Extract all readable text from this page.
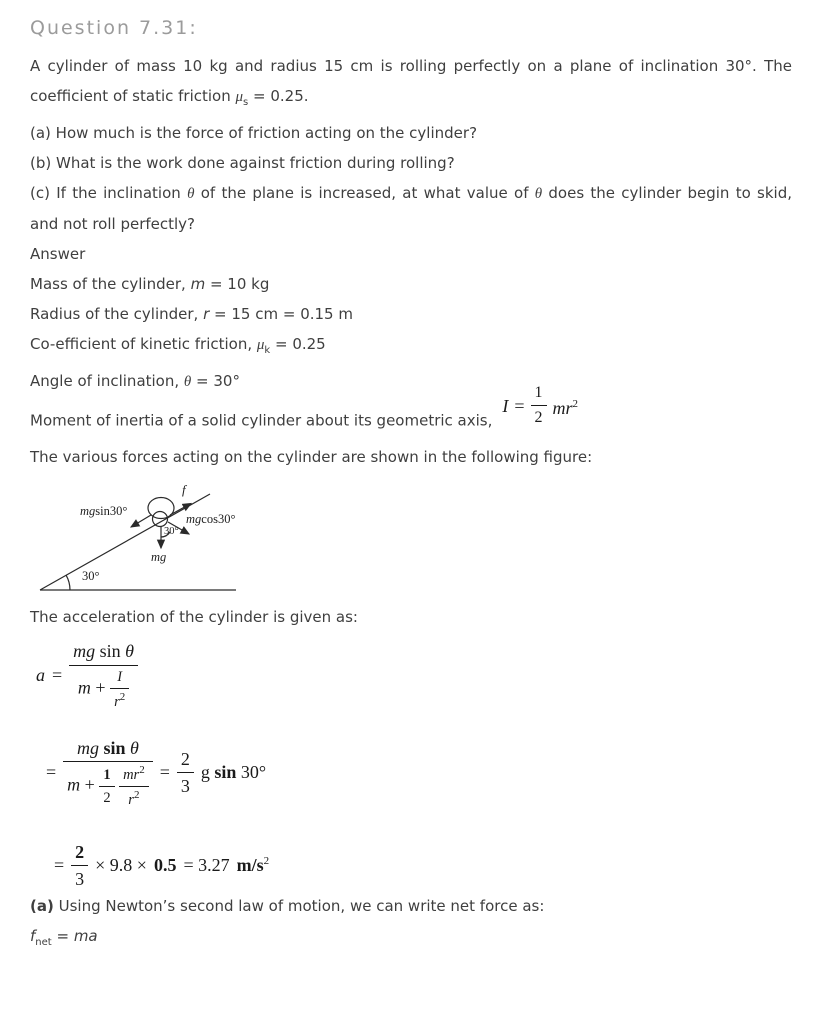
Question 7.31:

A cylinder of mass 10 kg and radius 15 cm is rolling perfectly on a plane of inclination 30°. The coefficient of static friction $\mu_s = 0.25$.

(a) How much is the force of friction acting on the cylinder?

(b) What is the work done against friction during rolling?

(c) If the inclination θ of the plane is increased, at what value of θ does the cylinder begin to skid, and not roll perfectly?

Answer

Mass of the cylinder, m = 10 kg

Radius of the cylinder, r = 15 cm = 0.15 m

Co-efficient of kinetic friction, $\mu_k = 0.25$

Angle of inclination, θ = 30°

Moment of inertia of a solid cylinder about its geometric axis,
$I = \frac{1}{2} mr^2$

The various forces acting on the cylinder are shown in the following figure:

mgsin30°
f
mgcos30°
mg
30°
30°

The acceleration of the cylinder is given as:

$a = \frac{\text{mg sin θ}}{m + \frac{I}{r^2}}$
= mg sin θ
$m + \frac{1}{2}$
$\frac{mr^2}{r^2} = \frac{2}{3}$ g sin 30°
= $\frac{2}{3} \times 9.8 \times 0.5 = 3.27$ $m/s^2$

(a) Using Newton’s second law of motion, we can write net force as:

$f_{net}$ = ma
